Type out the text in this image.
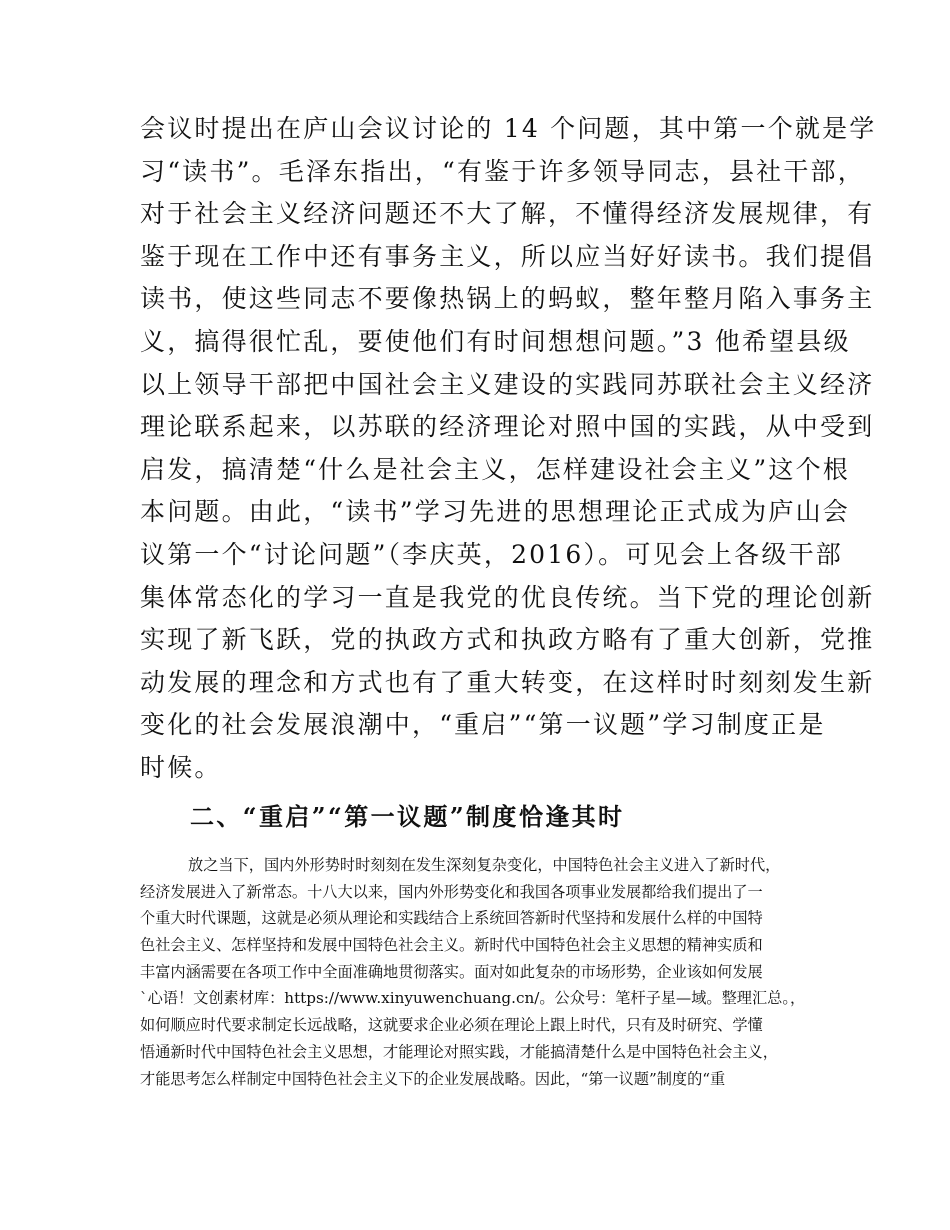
会议时提出在庐山会议讨论的 14 个问题，其中第一个就是学
习“读书”。毛泽东指出，“有鉴于许多领导同志，县社干部，
对于社会主义经济问题还不大了解，不懂得经济发展规律，有
鉴于现在工作中还有事务主义，所以应当好好读书。我们提倡
读书，使这些同志不要像热锅上的蚂蚁，整年整月陷入事务主
义，搞得很忙乱，要使他们有时间想想问题。”3 他希望县级
以上领导干部把中国社会主义建设的实践同苏联社会主义经济
理论联系起来，以苏联的经济理论对照中国的实践，从中受到
启发，搞清楚“什么是社会主义，怎样建设社会主义”这个根
本问题。由此，“读书”学习先进的思想理论正式成为庐山会
议第一个“讨论问题”（李庆英，2016）。可见会上各级干部
集体常态化的学习一直是我党的优良传统。当下党的理论创新
实现了新飞跃，党的执政方式和执政方略有了重大创新，党推
动发展的理念和方式也有了重大转变，在这样时时刻刻发生新
变化的社会发展浪潮中，“重启”“第一议题”学习制度正是
时候。
二、“重启”“第一议题”制度恰逢其时
放之当下，国内外形势时时刻刻在发生深刻复杂变化，中国特色社会主义进入了新时代，
经济发展进入了新常态。十八大以来，国内外形势变化和我国各项事业发展都给我们提出了一
个重大时代课题，这就是必须从理论和实践结合上系统回答新时代坚持和发展什么样的中国特
色社会主义、怎样坚持和发展中国特色社会主义。新时代中国特色社会主义思想的精神实质和
丰富内涵需要在各项工作中全面准确地贯彻落实。面对如此复杂的市场形势，企业该如何发展
`心语！文创素材库：https://www.xinyuwenchuang.cn/。公众号：笔杆子星—域。整理汇总。，
如何顺应时代要求制定长远战略，这就要求企业必须在理论上跟上时代，只有及时研究、学懂
悟通新时代中国特色社会主义思想，才能理论对照实践，才能搞清楚什么是中国特色社会主义，
才能思考怎么样制定中国特色社会主义下的企业发展战略。因此，“第一议题”制度的“重
